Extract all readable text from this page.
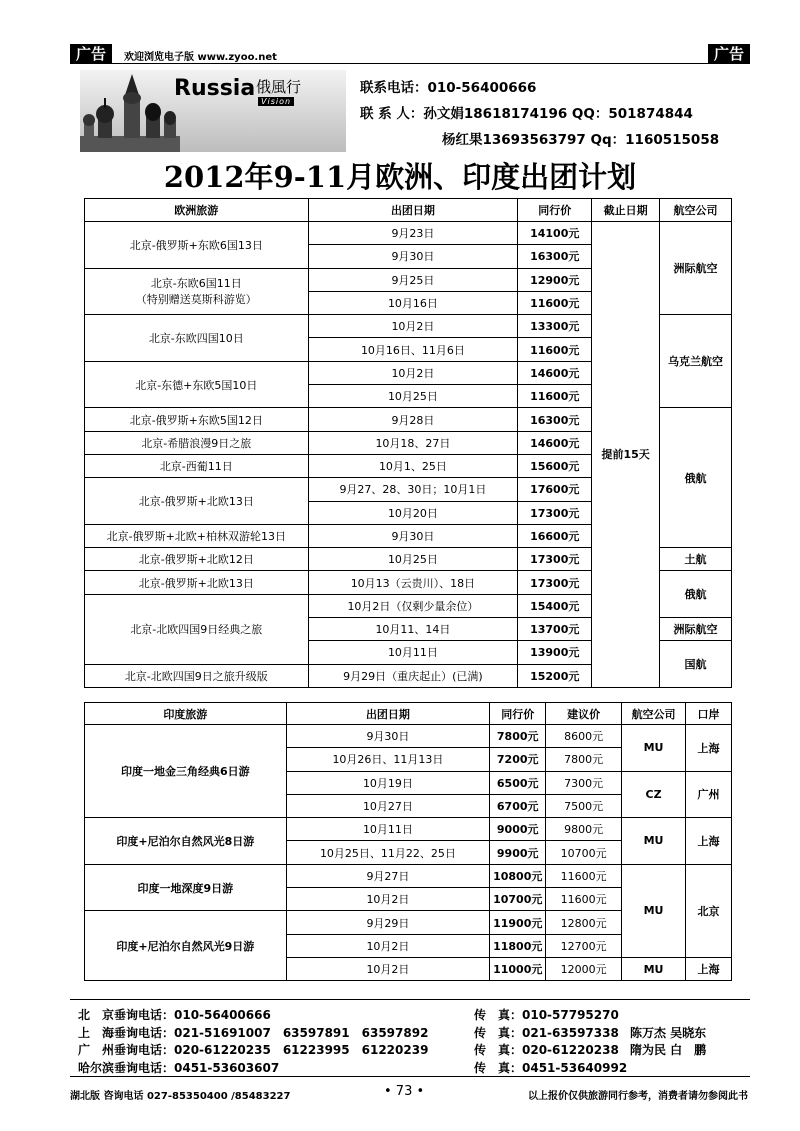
广告	欢迎浏览电子版 www.zyoo.net	广告
Russia 俄風行
Vision
联系电话：010-56400666
联 系 人：孙文娟18618174196 QQ：501874844
杨红果13693563797 Qq：1160515058
2012年9-11月欧洲、印度出团计划
欧洲旅游	出团日期	同行价	截止日期	航空公司

北京-俄罗斯+东欧6国13日	9月23日	14100元	提前15天	洲际航空
	9月30日	16300元		

北京-东欧6国11日
（特别赠送莫斯科游览）	9月25日	12900元		
	10月16日	11600元		

北京-东欧四国10日	10月2日	13300元		乌克兰航空
	10月16日、11月6日	11600元		

北京-东德+东欧5国10日	10月2日	14600元		
	10月25日	11600元		

北京-俄罗斯+东欧5国12日	9月28日	16300元		俄航

北京-希腊浪漫9日之旅	10月18、27日	14600元		

北京-西葡11日	10月1、25日	15600元		

北京-俄罗斯+北欧13日	9月27、28、30日；10月1日	17600元		
	10月20日	17300元		

北京-俄罗斯+北欧+柏林双游轮13日	9月30日	16600元		

北京-俄罗斯+北欧12日	10月25日	17300元		土航

北京-俄罗斯+北欧13日	10月13（云贵川）、18日	17300元		俄航

北京-北欧四国9日经典之旅	10月2日（仅剩少量余位）	15400元		
	10月11、14日	13700元		洲际航空
	10月11日	13900元		国航

北京-北欧四国9日之旅升级版	9月29日（重庆起止）(已满)	15200元		
印度旅游	出团日期	同行价	建议价	航空公司	口岸
印度一地金三角经典6日游	9月30日	7800元	8600元	MU	上海
	10月26日、11月13日	7200元	7800元		
	10月19日	6500元	7300元	CZ	广州
	10月27日	6700元	7500元		
印度+尼泊尔自然风光8日游	10月11日	9000元	9800元	MU	上海
	10月25日、11月22、25日	9900元	10700元		
印度一地深度9日游	9月27日	10800元	11600元	MU	北京
	10月2日	10700元	11600元		
印度+尼泊尔自然风光9日游	9月29日	11900元	12800元		
	10月2日	11800元	12700元		
	10月2日	11000元	12000元	MU	上海
北　京垂询电话：010-56400666	传　真：010-57795270
上　海垂询电话：021-51691007　63597891　63597892	传　真：021-63597338 陈万杰 吴晓东
广　州垂询电话：020-61220235　61223995　61220239	传　真：020-61220238 隋为民 白　鹏
哈尔滨垂询电话：0451-53603607	传　真：0451-53640992
湖北版 咨询电话 027-85350400 /85483227	• 73 •	以上报价仅供旅游同行参考，消费者请勿参阅此书
